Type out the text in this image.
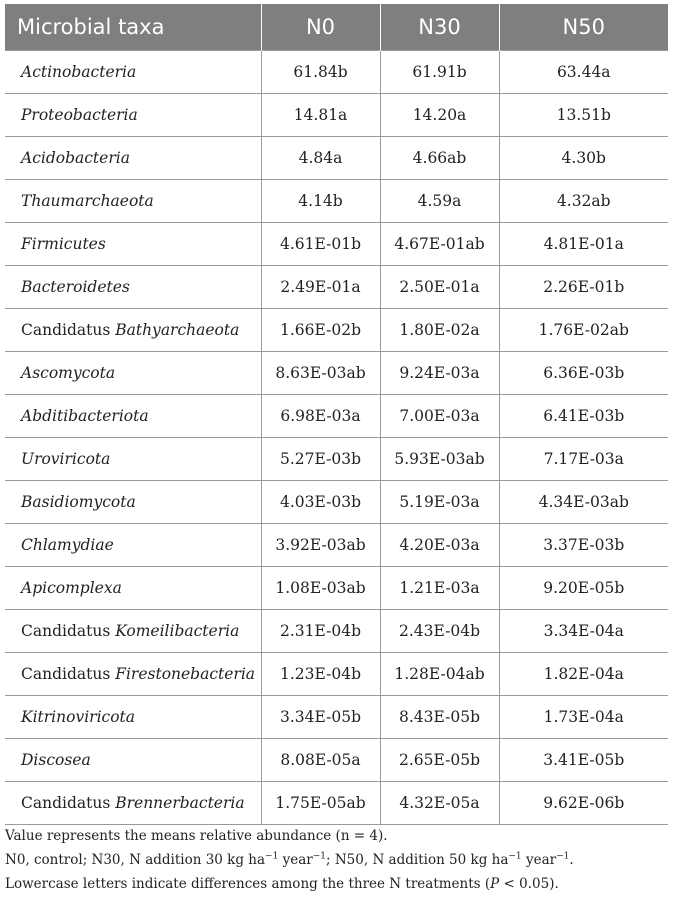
Microbial taxa	N0	N30	N50
Actinobacteria	61.84b	61.91b	63.44a
Proteobacteria	14.81a	14.20a	13.51b
Acidobacteria	4.84a	4.66ab	4.30b
Thaumarchaeota	4.14b	4.59a	4.32ab
Firmicutes	4.61E-01b	4.67E-01ab	4.81E-01a
Bacteroidetes	2.49E-01a	2.50E-01a	2.26E-01b
Candidatus Bathyarchaeota	1.66E-02b	1.80E-02a	1.76E-02ab
Ascomycota	8.63E-03ab	9.24E-03a	6.36E-03b
Abditibacteriota	6.98E-03a	7.00E-03a	6.41E-03b
Uroviricota	5.27E-03b	5.93E-03ab	7.17E-03a
Basidiomycota	4.03E-03b	5.19E-03a	4.34E-03ab
Chlamydiae	3.92E-03ab	4.20E-03a	3.37E-03b
Apicomplexa	1.08E-03ab	1.21E-03a	9.20E-05b
Candidatus Komeilibacteria	2.31E-04b	2.43E-04b	3.34E-04a
Candidatus Firestonebacteria	1.23E-04b	1.28E-04ab	1.82E-04a
Kitrinoviricota	3.34E-05b	8.43E-05b	1.73E-04a
Discosea	8.08E-05a	2.65E-05b	3.41E-05b
Candidatus Brennerbacteria	1.75E-05ab	4.32E-05a	9.62E-06b

Value represents the means relative abundance (n = 4).

N0, control; N30, N addition 30 kg $ha^{-1}$ year$^{-1}$; N50, N addition 50 kg $ha^{-1}$ year$^{-1}$.

Lowercase letters indicate differences among the three N treatments (P < 0.05).
